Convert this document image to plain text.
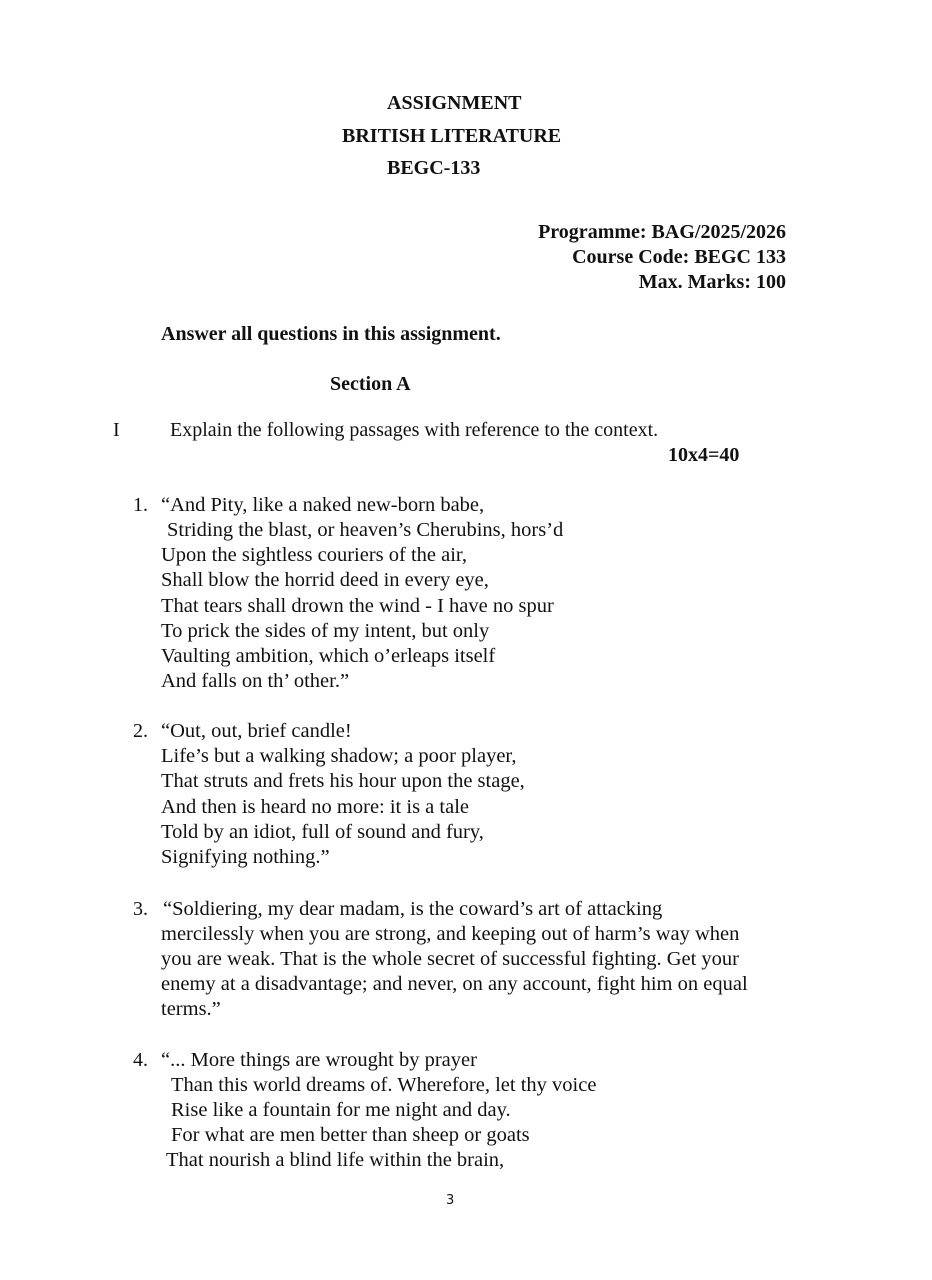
ASSIGNMENT
BRITISH LITERATURE
BEGC-133
Programme: BAG/2025/2026
Course Code: BEGC 133
Max. Marks: 100
Answer all questions in this assignment.
Section A
I	Explain the following passages with reference to the context.
10x4=40
1. “And Pity, like a naked new-born babe,
Striding the blast, or heaven’s Cherubins, hors’d
Upon the sightless couriers of the air,
Shall blow the horrid deed in every eye,
That tears shall drown the wind - I have no spur
To prick the sides of my intent, but only
Vaulting ambition, which o’erleaps itself
And falls on th’ other.”
2. “Out, out, brief candle!
Life’s but a walking shadow; a poor player,
That struts and frets his hour upon the stage,
And then is heard no more: it is a tale
Told by an idiot, full of sound and fury,
Signifying nothing.”
3. “Soldiering, my dear madam, is the coward’s art of attacking
mercilessly when you are strong, and keeping out of harm’s way when
you are weak. That is the whole secret of successful fighting. Get your
enemy at a disadvantage; and never, on any account, fight him on equal
terms.”
4. “... More things are wrought by prayer
Than this world dreams of. Wherefore, let thy voice
Rise like a fountain for me night and day.
For what are men better than sheep or goats
That nourish a blind life within the brain,
3
